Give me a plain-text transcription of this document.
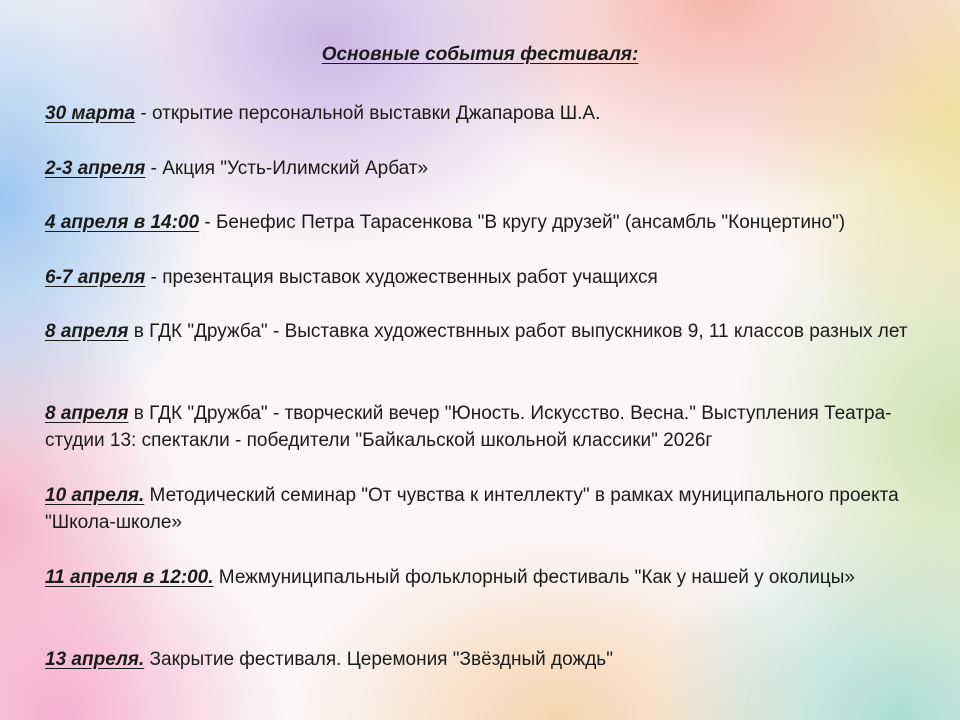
Основные события фестиваля:
30 марта - открытие персональной выставки Джапарова Ш.А.
2-3 апреля - Акция "Усть-Илимский Арбат»
4 апреля в 14:00 - Бенефис Петра Тарасенкова "В кругу друзей" (ансамбль "Концертино")
6-7 апреля - презентация выставок художественных работ учащихся
8 апреля в ГДК "Дружба" - Выставка художествнных работ выпускников 9, 11 классов разных лет
8 апреля в ГДК "Дружба" - творческий вечер "Юность. Искусство. Весна." Выступления Театра-студии 13: спектакли - победители "Байкальской школьной классики" 2026г
10 апреля. Методический семинар "От чувства к интеллекту" в рамках муниципального проекта "Школа-школе»
11 апреля в 12:00. Межмуниципальный фольклорный фестиваль "Как у нашей у околицы»
13 апреля. Закрытие фестиваля. Церемония "Звёздный дождь"
